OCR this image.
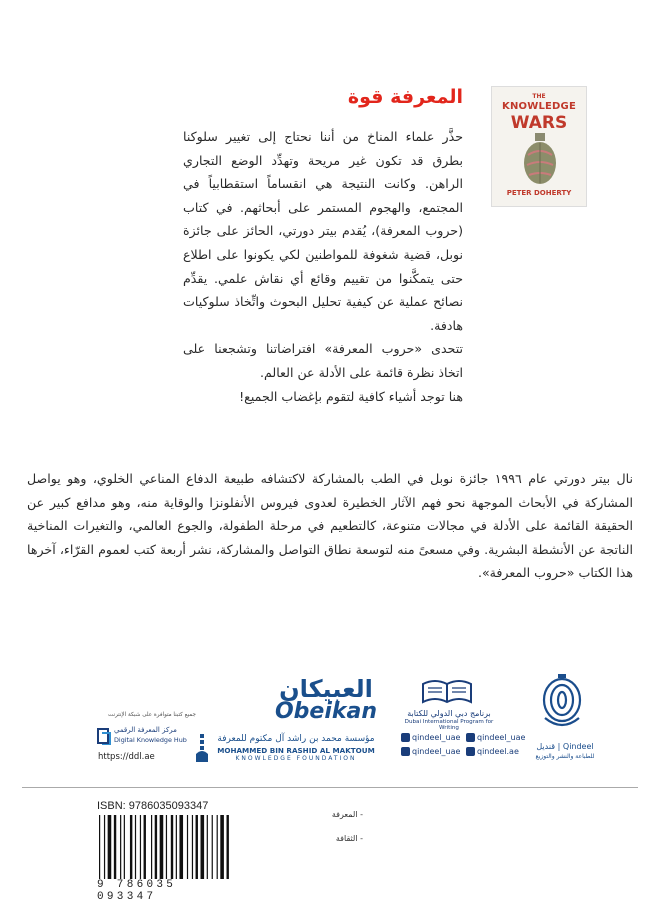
THE
KNOWLEDGE
WARS
PETER DOHERTY
المعرفة قوة

حذَّر علماء المناخ من أننا نحتاج إلى تغيير سلوكنا بطرق قد تكون غير مريحة وتهدِّد الوضع التجاري الراهن. وكانت النتيجة هي انقساماً استقطابياً في المجتمع، والهجوم المستمر على أبحاثهم. في كتاب (حروب المعرفة)، يُقدم بيتر دورتي، الحائز على جائزة نوبل، قضية شغوفة للمواطنين لكي يكونوا على اطلاع حتى يتمكَّنوا من تقييم وقائع أي نقاش علمي. يقدِّم نصائح عملية عن كيفية تحليل البحوث واتِّخاذ سلوكيات هادفة.

تتحدى «حروب المعرفة» افتراضاتنا وتشجعنا على اتخاذ نظرة قائمة على الأدلة عن العالم.

هنا توجد أشياء كافية لتقوم بإغضاب الجميع!

نال بيتر دورتي عام ١٩٩٦ جائزة نوبل في الطب بالمشاركة لاكتشافه طبيعة الدفاع المناعي الخلوي، وهو يواصل المشاركة في الأبحاث الموجهة نحو فهم الآثار الخطيرة لعدوى فيروس الأنفلونزا والوقاية منه، وهو مدافع كبير عن الحقيقة القائمة على الأدلة في مجالات متنوعة، كالتطعيم في مرحلة الطفولة، والجوع العالمي، والتغيرات المناخية الناتجة عن الأنشطة البشرية. وفي مسعىً منه لتوسعة نطاق التواصل والمشاركة، نشر أربعة كتب لعموم القرّاء، آخرها هذا الكتاب «حروب المعرفة».

قنديل | Qindeel
للطباعة والنشر والتوزيع
برنامج دبي الدولي للكتابة
Dubai International Program for Writing
qindeel_uae
qindeel_uae
qindeel.ae
qindeel_uae
العبيكان
Obeikan
مؤسسة محمد بن راشد آل مكتوم للمعرفة
MOHAMMED BIN RASHID AL MAKTOUM
KNOWLEDGE FOUNDATION
جميع كتبنا متوافرة على شبكة الإنترنت
مركز المعرفة الرقمي
Digital Knowledge Hub
https://ddl.ae
ISBN: 9786035093347
9 786035 093347
- المعرفة
- الثقافة
